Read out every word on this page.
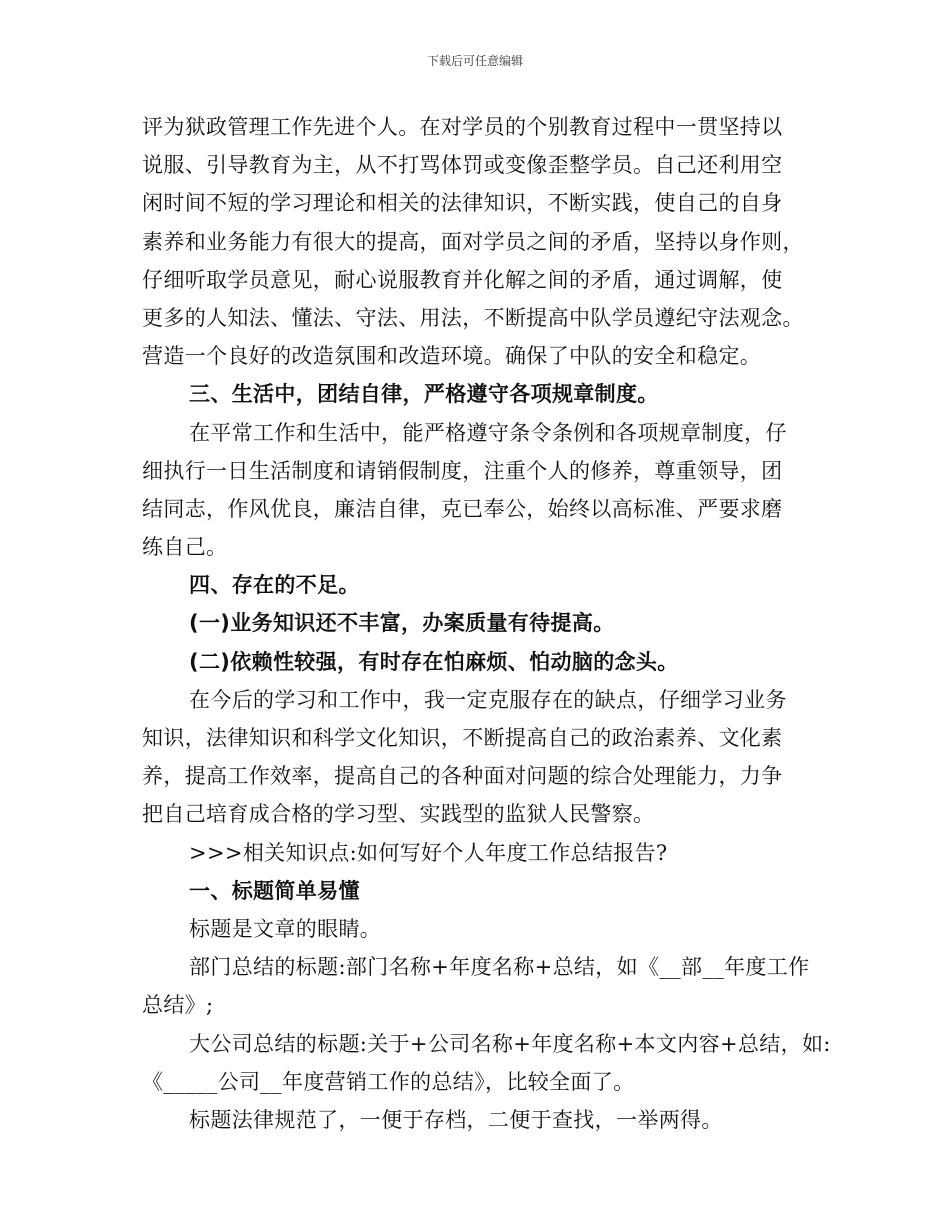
下载后可任意编辑
评为狱政管理工作先进个人。在对学员的个别教育过程中一贯坚持以
说服、引导教育为主，从不打骂体罚或变像歪整学员。自己还利用空
闲时间不短的学习理论和相关的法律知识，不断实践，使自己的自身
素养和业务能力有很大的提高，面对学员之间的矛盾，坚持以身作则，
仔细听取学员意见，耐心说服教育并化解之间的矛盾，通过调解，使
更多的人知法、懂法、守法、用法，不断提高中队学员遵纪守法观念。
营造一个良好的改造氛围和改造环境。确保了中队的安全和稳定。
三、生活中，团结自律，严格遵守各项规章制度。
在平常工作和生活中，能严格遵守条令条例和各项规章制度，仔
细执行一日生活制度和请销假制度，注重个人的修养，尊重领导，团
结同志，作风优良，廉洁自律，克已奉公，始终以高标准、严要求磨
练自己。
四、存在的不足。
(一)业务知识还不丰富，办案质量有待提高。
(二)依赖性较强，有时存在怕麻烦、怕动脑的念头。
在今后的学习和工作中，我一定克服存在的缺点，仔细学习业务
知识，法律知识和科学文化知识，不断提高自己的政治素养、文化素
养，提高工作效率，提高自己的各种面对问题的综合处理能力，力争
把自己培育成合格的学习型、实践型的监狱人民警察。
>>>相关知识点:如何写好个人年度工作总结报告?
一、标题简单易懂
标题是文章的眼睛。
部门总结的标题:部门名称+年度名称+总结，如《__部__年度工作
总结》;
大公司总结的标题:关于+公司名称+年度名称+本文内容+总结，如:
《_____公司__年度营销工作的总结》，比较全面了。
标题法律规范了，一便于存档，二便于查找，一举两得。
